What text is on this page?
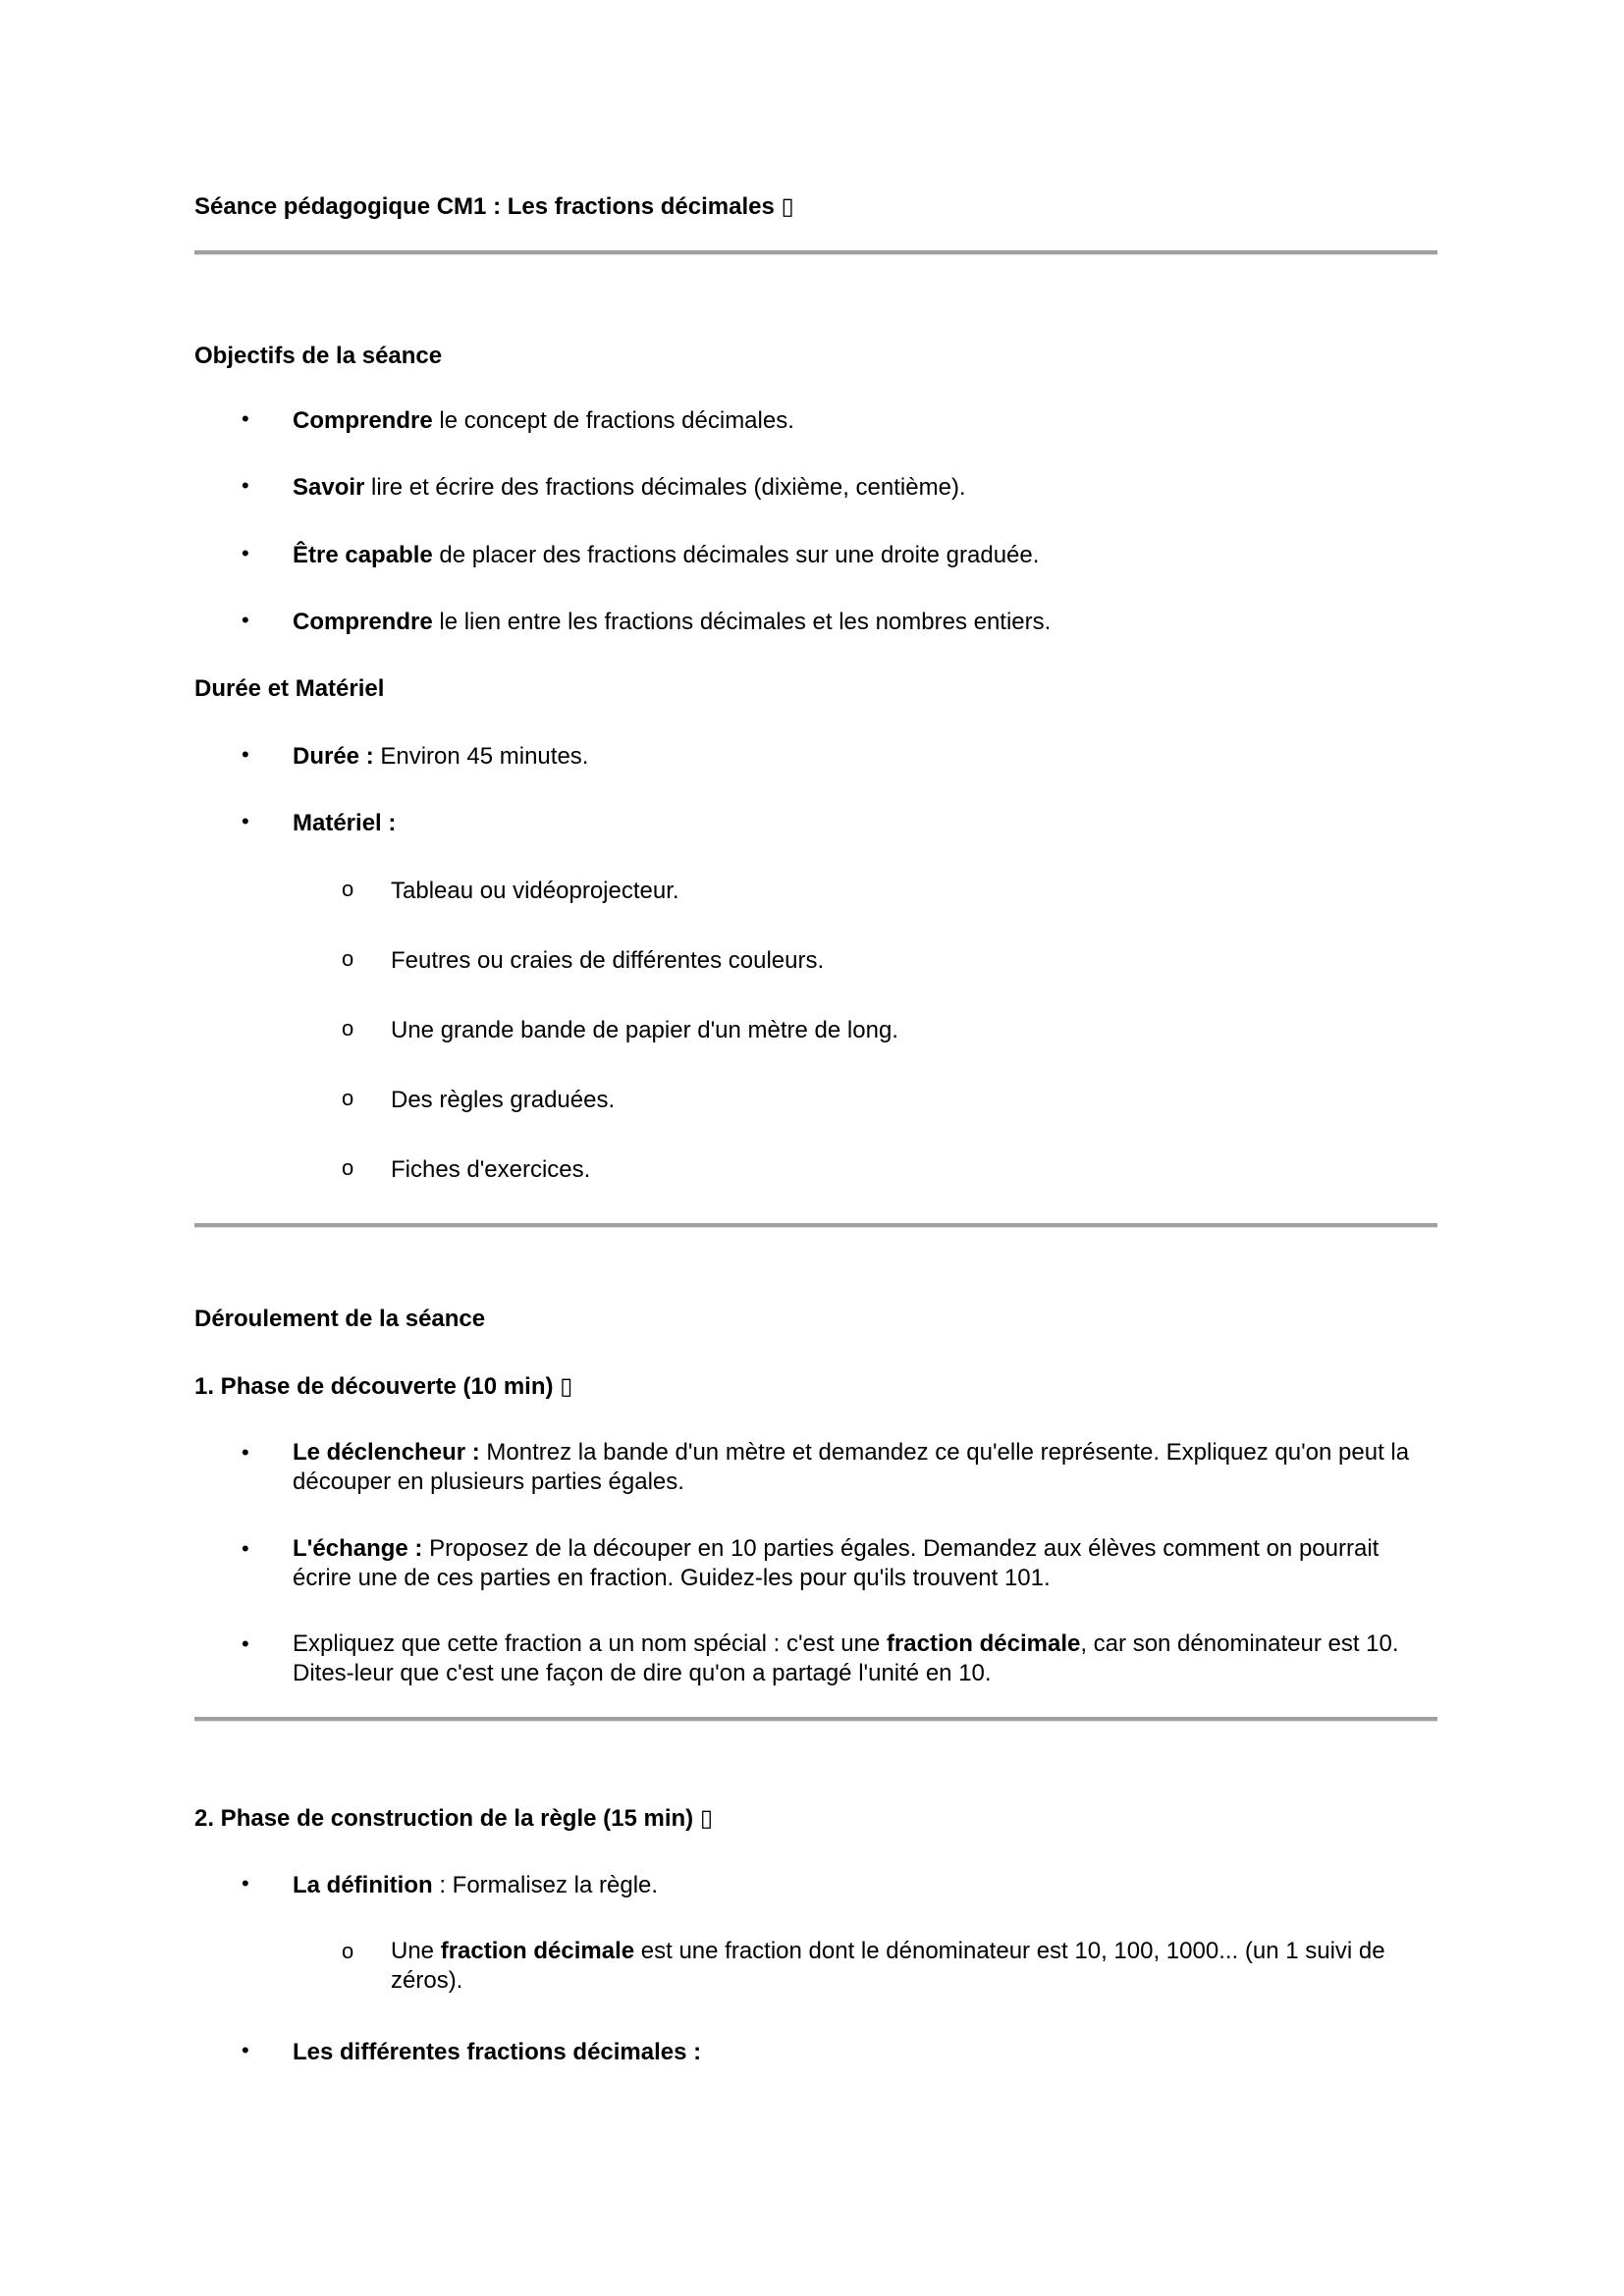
Séance pédagogique CM1 : Les fractions décimales ▯
Objectifs de la séance
• Comprendre le concept de fractions décimales.
• Savoir lire et écrire des fractions décimales (dixième, centième).
• Être capable de placer des fractions décimales sur une droite graduée.
• Comprendre le lien entre les fractions décimales et les nombres entiers.
Durée et Matériel
• Durée : Environ 45 minutes.
• Matériel :
o Tableau ou vidéoprojecteur.
o Feutres ou craies de différentes couleurs.
o Une grande bande de papier d'un mètre de long.
o Des règles graduées.
o Fiches d'exercices.
Déroulement de la séance
1. Phase de découverte (10 min) ▯
• Le déclencheur : Montrez la bande d'un mètre et demandez ce qu'elle représente. Expliquez qu'on peut la découper en plusieurs parties égales.
• L'échange : Proposez de la découper en 10 parties égales. Demandez aux élèves comment on pourrait écrire une de ces parties en fraction. Guidez-les pour qu'ils trouvent 101.
• Expliquez que cette fraction a un nom spécial : c'est une fraction décimale, car son dénominateur est 10. Dites-leur que c'est une façon de dire qu'on a partagé l'unité en 10.
2. Phase de construction de la règle (15 min) ▯
• La définition : Formalisez la règle.
o Une fraction décimale est une fraction dont le dénominateur est 10, 100, 1000... (un 1 suivi de zéros).
• Les différentes fractions décimales :
